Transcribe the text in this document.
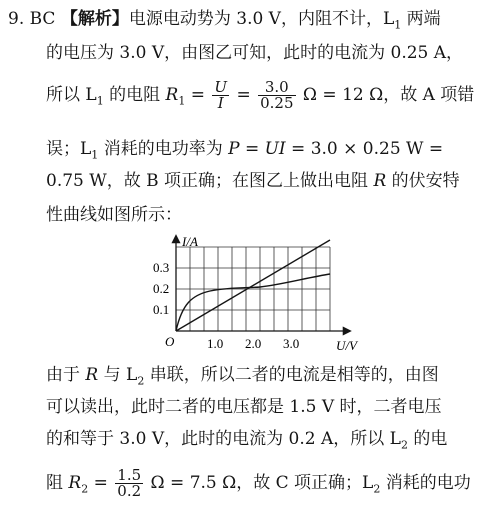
9. BC 【解析】电源电动势为 3.0 V，内阻不计，$L_1$ 两端
的电压为 3.0 V，由图乙可知，此时的电流为 0.25 A，
所以 $L_1$ 的电阻 $R_1 = \frac{U}{I} = \frac{3.0}{0.25}$ Ω = 12 Ω，故 A 项错
误；$L_1$ 消耗的电功率为 P = UI = 3.0 × 0.25 W =
0.75 W，故 B 项正确；在图乙上做出电阻 R 的伏安特
性曲线如图所示：
I/A
U/V
O
0.3
0.2
0.1
1.0 2.0 3.0
由于 R 与 $L_2$ 串联，所以二者的电流是相等的，由图
可以读出，此时二者的电压都是 1.5 V 时，二者电压
的和等于 3.0 V，此时的电流为 0.2 A，所以 $L_2$ 的电
阻 $R_2 = \frac{1.5}{0.2}$ Ω = 7.5 Ω，故 C 项正确；$L_2$ 消耗的电功
